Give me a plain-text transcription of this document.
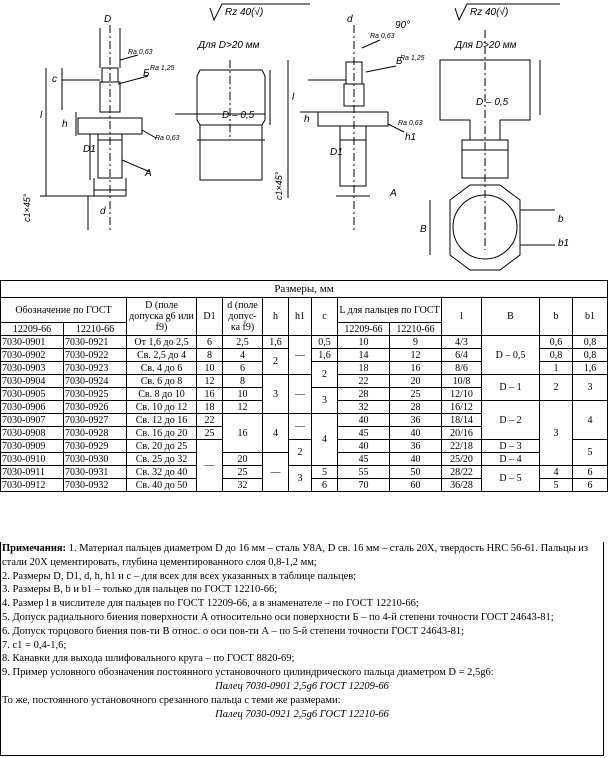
Rz 40(√)	Rz 40(√)
Для D>20 мм	Для D>20 мм
D	d
c
l
h
D1
Б
A
d
D – 0,5
l
h
D1
Б
h1
A
D – 0,5
B
b
b1
90°
Ra 0,63
Ra 1,25
Ra 0,63
Ra 1,25
Ra 0,63
Ra 0,63
c1×45°
c1×45°
Размеры, мм
Обозначение по ГОСТ		D (поле допуска g6 или f9)	D1	d (поле допус-ка f9)	h	h1	c	L для пальцев по ГОСТ		l	B	b	b1
12209-66	12210-66							12209-66	12210-66				
7030-0901	7030-0921	От 1,6 до 2,5	6	2,5	1,6	—	0,5	10	9	4/3	D – 0,5	0,6	0,8
7030-0902	7030-0922	Св. 2,5 до 4	8	4	2		1,6	14	12	6/4		0,8	0,8
7030-0903	7030-0923	Св. 4 до 6	10	6			2	18	16	8/6		1	1,6
7030-0904	7030-0924	Св. 6 до 8	12	8	3	—		22	20	10/8	D – 1	2	3
7030-0905	7030-0925	Св. 8 до 10	16	10			3	28	25	12/10			
7030-0906	7030-0926	Св. 10 до 12	18	12				32	28	16/12	D – 2	3	4
7030-0907	7030-0927	Св. 12 до 16	22	16	4	—	4	40	36	18/14			
7030-0908	7030-0928	Св. 16 до 20	25					45	40	20/16			
7030-0909	7030-0929	Св. 20 до 25	—			2		40	36	22/18	D – 3		5
7030-0910	7030-0930	Св. 25 до 32		20	—			45	40	25/20	D – 4		
7030-0911	7030-0931	Св. 32 до 40		25		3	5	55	50	28/22	D – 5	4	6
7030-0912	7030-0932	Св. 40 до 50		32			6	70	60	36/28		5	6

Примечания: 1. Материал пальцев диаметром D до 16 мм – сталь У8А, D св. 16 мм – сталь 20Х, твердость HRC 56-61. Пальцы из стали 20Х цементировать, глубина цементированного слоя 0,8-1,2 мм;

2. Размеры D, D1, d, h, h1 и c – для всех для всех указанных в таблице пальцев;

3. Размеры B, b и b1 – только для пальцев по ГОСТ 12210-66;

4. Размер l в числителе для пальцев по ГОСТ 12209-66, а в знаменателе – по ГОСТ 12210-66;

5. Допуск радиального биения поверхности А относительно оси поверхности Б – по 4-й степени точности ГОСТ 24643-81;

6. Допуск торцового биения пов-ти В относ. о оси пов-ти А – по 5-й степени точности ГОСТ 24643-81;

7. c1 = 0,4-1,6;

8. Канавки для выхода шлифовального круга – по ГОСТ 8820-69;

9. Пример условного обозначения постоянного установочного цилиндрического пальца диаметром D = 2,5g6:

Палец 7030-0901 2,5g6 ГОСТ 12209-66

То же, постоянного установочного срезанного пальца с теми же размерами:

Палец 7030-0921 2,5g6 ГОСТ 12210-66
